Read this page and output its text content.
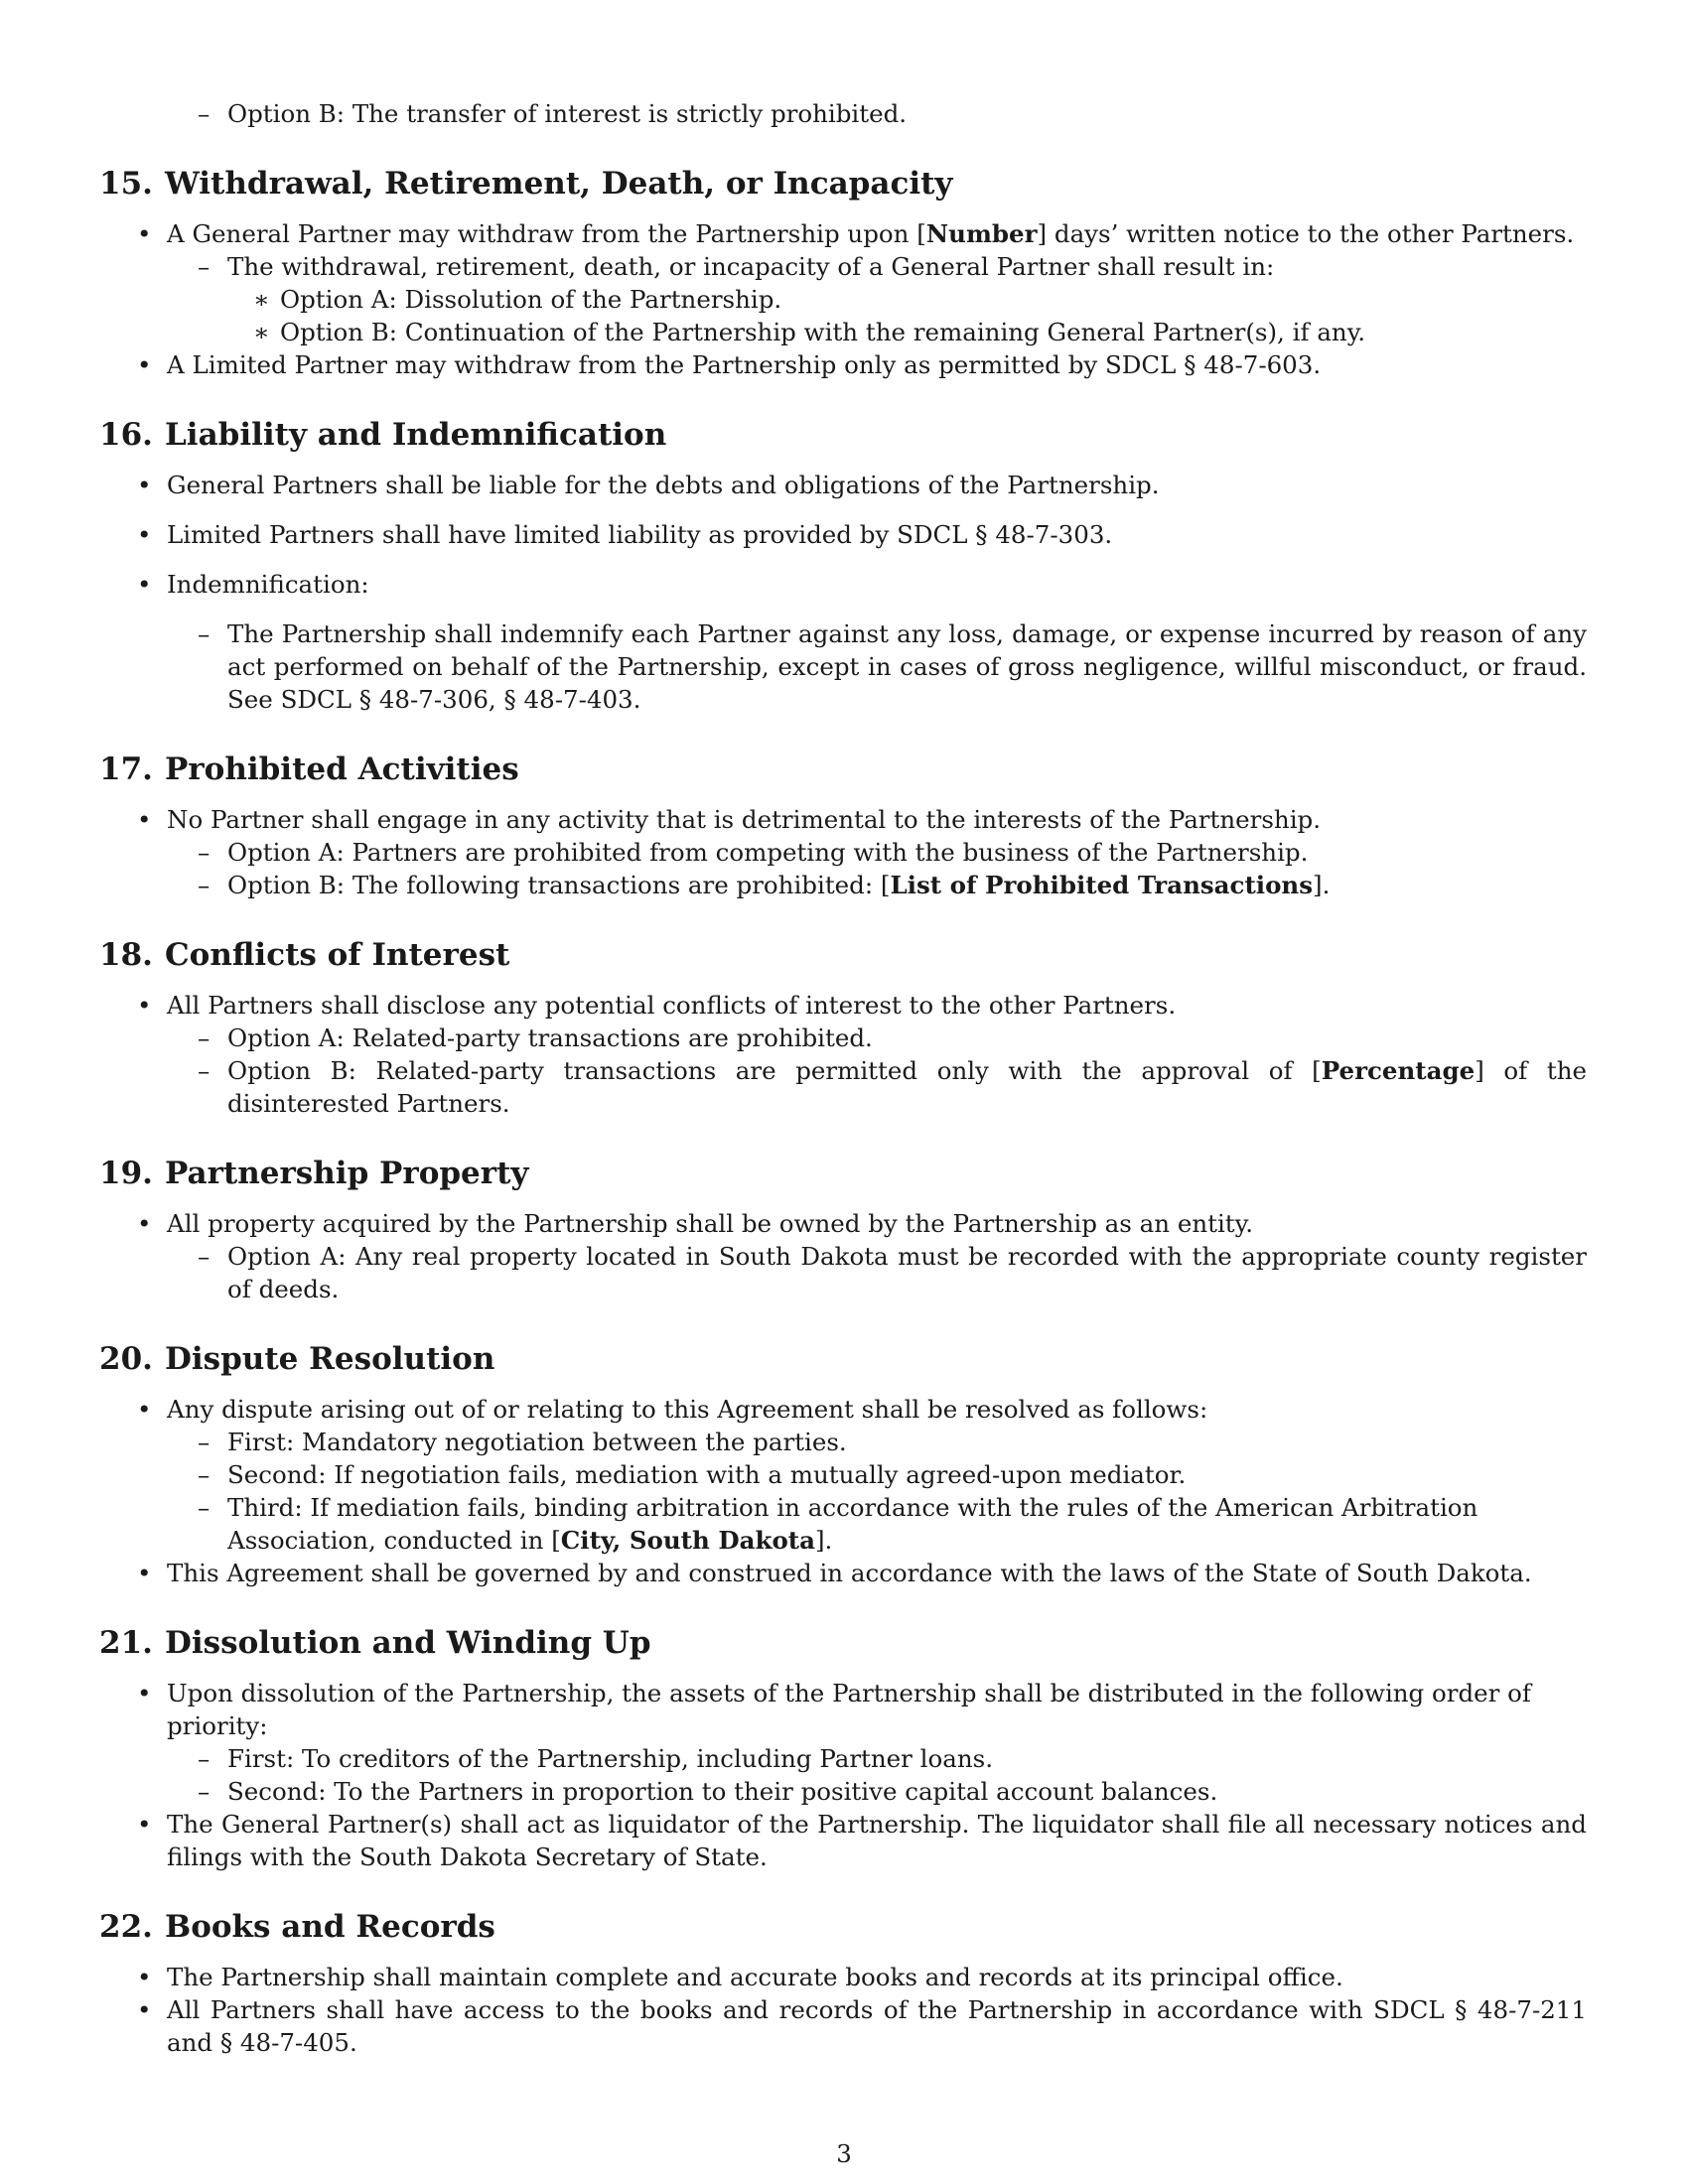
– Option B: The transfer of interest is strictly prohibited.
15. Withdrawal, Retirement, Death, or Incapacity
• A General Partner may withdraw from the Partnership upon [Number] days’ written notice to the other Partners.
– The withdrawal, retirement, death, or incapacity of a General Partner shall result in:
∗ Option A: Dissolution of the Partnership.
∗ Option B: Continuation of the Partnership with the remaining General Partner(s), if any.
• A Limited Partner may withdraw from the Partnership only as permitted by SDCL § 48-7-603.
16. Liability and Indemnification
• General Partners shall be liable for the debts and obligations of the Partnership.
• Limited Partners shall have limited liability as provided by SDCL § 48-7-303.
• Indemnification:
– The Partnership shall indemnify each Partner against any loss, damage, or expense incurred by reason of any act performed on behalf of the Partnership, except in cases of gross negligence, willful misconduct, or fraud. See SDCL § 48-7-306, § 48-7-403.
17. Prohibited Activities
• No Partner shall engage in any activity that is detrimental to the interests of the Partnership.
– Option A: Partners are prohibited from competing with the business of the Partnership.
– Option B: The following transactions are prohibited: [List of Prohibited Transactions].
18. Conflicts of Interest
• All Partners shall disclose any potential conflicts of interest to the other Partners.
– Option A: Related-party transactions are prohibited.
– Option B: Related-party transactions are permitted only with the approval of [Percentage] of the disinterested Partners.
19. Partnership Property
• All property acquired by the Partnership shall be owned by the Partnership as an entity.
– Option A: Any real property located in South Dakota must be recorded with the appropriate county register of deeds.
20. Dispute Resolution
• Any dispute arising out of or relating to this Agreement shall be resolved as follows:
– First: Mandatory negotiation between the parties.
– Second: If negotiation fails, mediation with a mutually agreed-upon mediator.
– Third: If mediation fails, binding arbitration in accordance with the rules of the American Arbitration Association, conducted in [City, South Dakota].
• This Agreement shall be governed by and construed in accordance with the laws of the State of South Dakota.
21. Dissolution and Winding Up
• Upon dissolution of the Partnership, the assets of the Partnership shall be distributed in the following order of priority:
– First: To creditors of the Partnership, including Partner loans.
– Second: To the Partners in proportion to their positive capital account balances.
• The General Partner(s) shall act as liquidator of the Partnership. The liquidator shall file all necessary notices and filings with the South Dakota Secretary of State.
22. Books and Records
• The Partnership shall maintain complete and accurate books and records at its principal office.
• All Partners shall have access to the books and records of the Partnership in accordance with SDCL § 48-7-211 and § 48-7-405.
3
